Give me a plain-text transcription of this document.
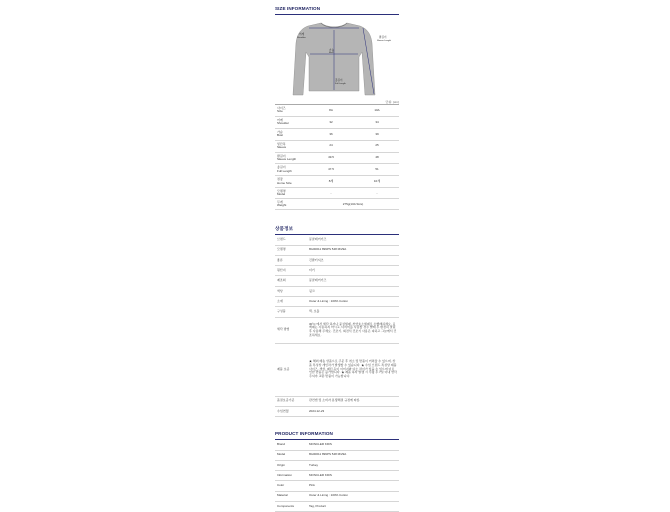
SIZE INFORMATION
어깨
Shoulder
가슴
Bust
팔길이
Sleeve Length
총길이
Full Length
단위: (cm)
사이즈
Size	8A	10A
어깨
Shoulder	32	34
가슴
Bust	36	39
밑단폭
Sleeve	24	25
팔길이
Sleeve Length	49.5	48
총길이
Full Length	47.5	51
권장
Home Size	8세	10세
모델명
Model	-	-
무게
Weight	275g(10A Size)
상품정보
브랜드	몽클레어키즈
모델명	8G00011 899PS 548 M/29A
종류	긴팔티셔츠
원산지	터키
제조회	몽클레어키즈
색상	핑크
소재	Outer & Lining : 100% Cotton
구성품	택, 보틀
세탁 방법
30˚C 에서 세탁 하거나 중성세제, 천연효소세제로 손빨래하세요. 표백제는 사용하지 마시고, 다리미를 사용할 경우 빨래 후 완전히 말린 후 사용해 주세요. 건조기, 회전식 건조기 사용은 피하고 그늘에서 건조하세요.
제품 보증
★ 해외 배송 상품으로 주문 후 취소 및 반품이 어려울 수 있으며, 상품 특성상 개인차가 발생할 수 있습니다. ★ 수입 브랜드 특성상 제품 사이즈, 색상, 패턴 등이 이미지와 다소 차이가 있을 수 있으며 이로 인한 반품은 불가합니다. ★ 제품 하자 발생 시 수령 후 7일 이내 연락 주셔야 교환·반품이 가능합니다.
품질보증기준	관련법 및 소비자 분쟁해결 규정에 따름
수입연월	2024.12-23
PRODUCT INFORMATION
Brand	MONCLER KIDS
Model	8G00011 899PS 548 M/29A
Origin	Turkey
Information	MONCLER KIDS
Color	Pink
Material	Outer & Lining : 100% Cotton
Components	Tag, Product
